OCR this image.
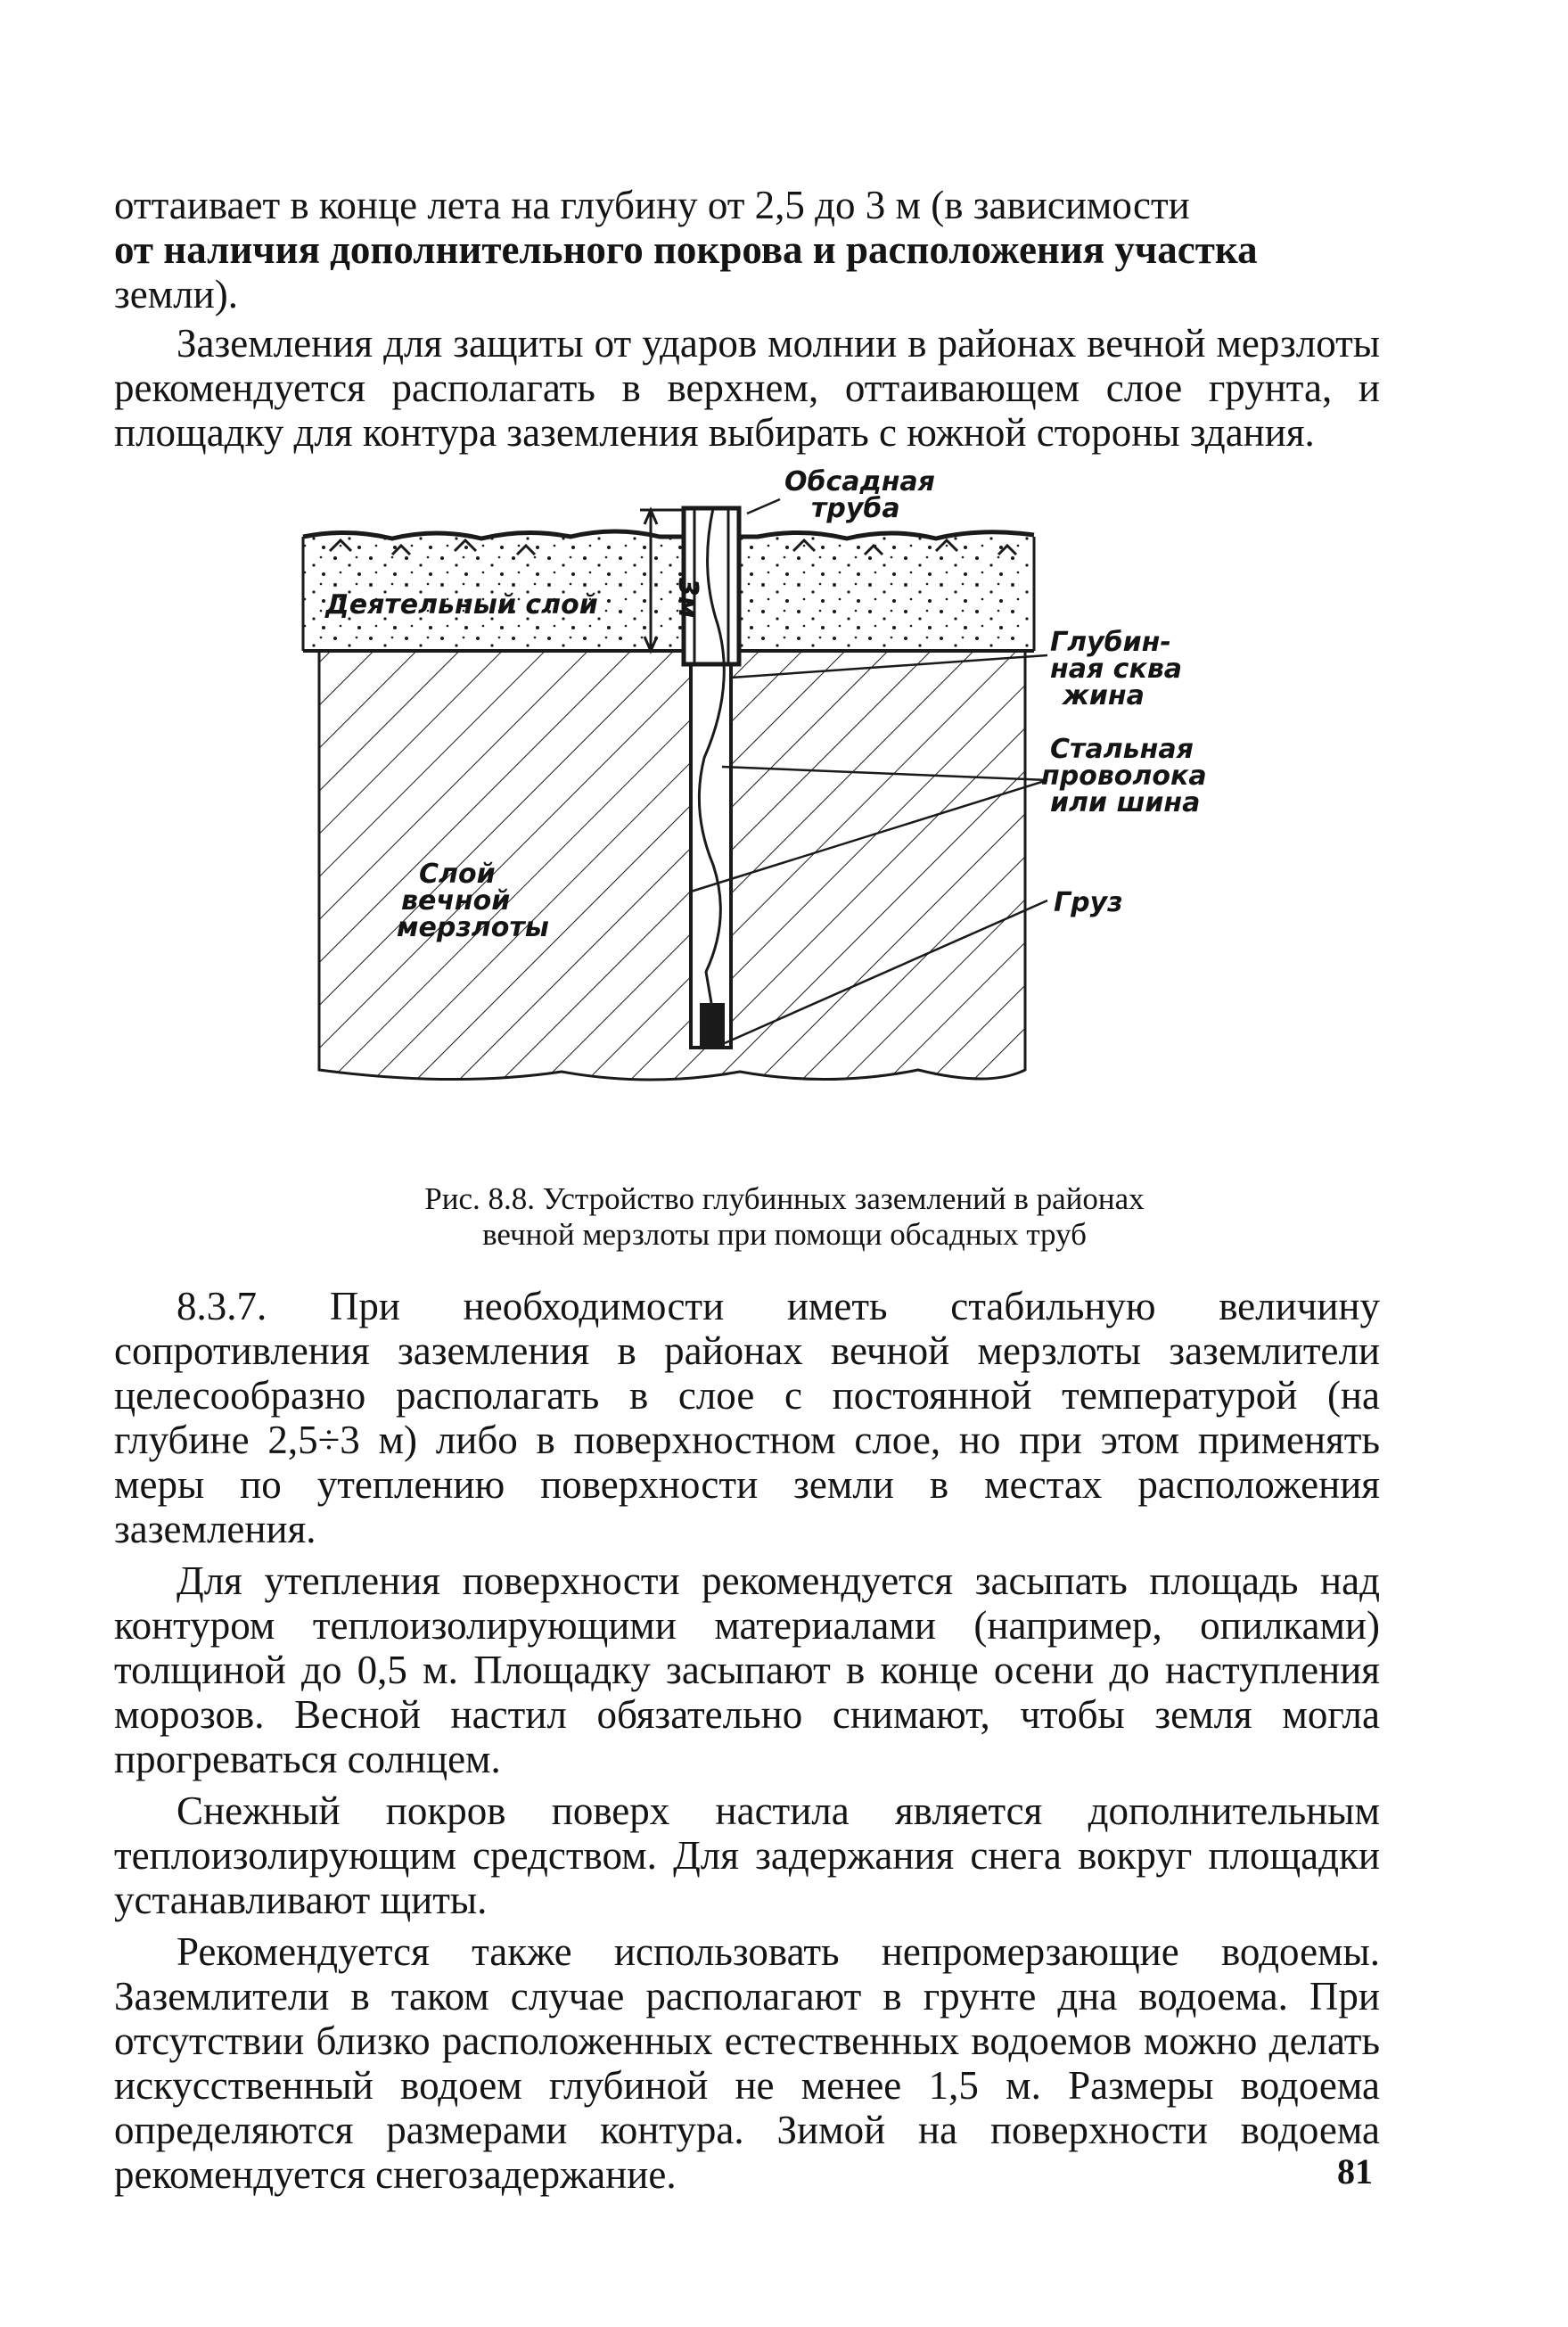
оттаивает в конце лета на глубину от 2,5 до 3 м (в зависимости

от наличия дополнительного покрова и расположения участка

земли).

Заземления для защиты от ударов молнии в районах вечной мерзлоты рекомендуется располагать в верхнем, оттаивающем слое грунта, и площадку для контура заземления выбирать с южной стороны здания.

3м
Обсадная
труба
Деятельный слой
Глубин-
ная сква
жина
Стальная
проволока
или шина
Груз
Слой
вечной
мерзлоты

Рис. 8.8. Устройство глубинных заземлений в районах

вечной мерзлоты при помощи обсадных труб

8.3.7. При необходимости иметь стабильную величину сопротивления заземления в районах вечной мерзлоты заземлители целесообразно располагать в слое с постоянной температурой (на глубине 2,5÷3 м) либо в поверхностном слое, но при этом применять меры по утеплению поверхности земли в местах расположения заземления.

Для утепления поверхности рекомендуется засыпать площадь над контуром теплоизолирующими материалами (например, опилками) толщиной до 0,5 м. Площадку засыпают в конце осени до наступления морозов. Весной настил обязательно снимают, чтобы земля могла прогреваться солнцем.

Снежный покров поверх настила является дополнительным теплоизолирующим средством. Для задержания снега вокруг площадки устанавливают щиты.

Рекомендуется также использовать непромерзающие водоемы. Заземлители в таком случае располагают в грунте дна водоема. При отсутствии близко расположенных естественных водоемов можно делать искусственный водоем глубиной не менее 1,5 м. Размеры водоема определяются размерами контура. Зимой на поверхности водоема рекомендуется снегозадержание.	81
